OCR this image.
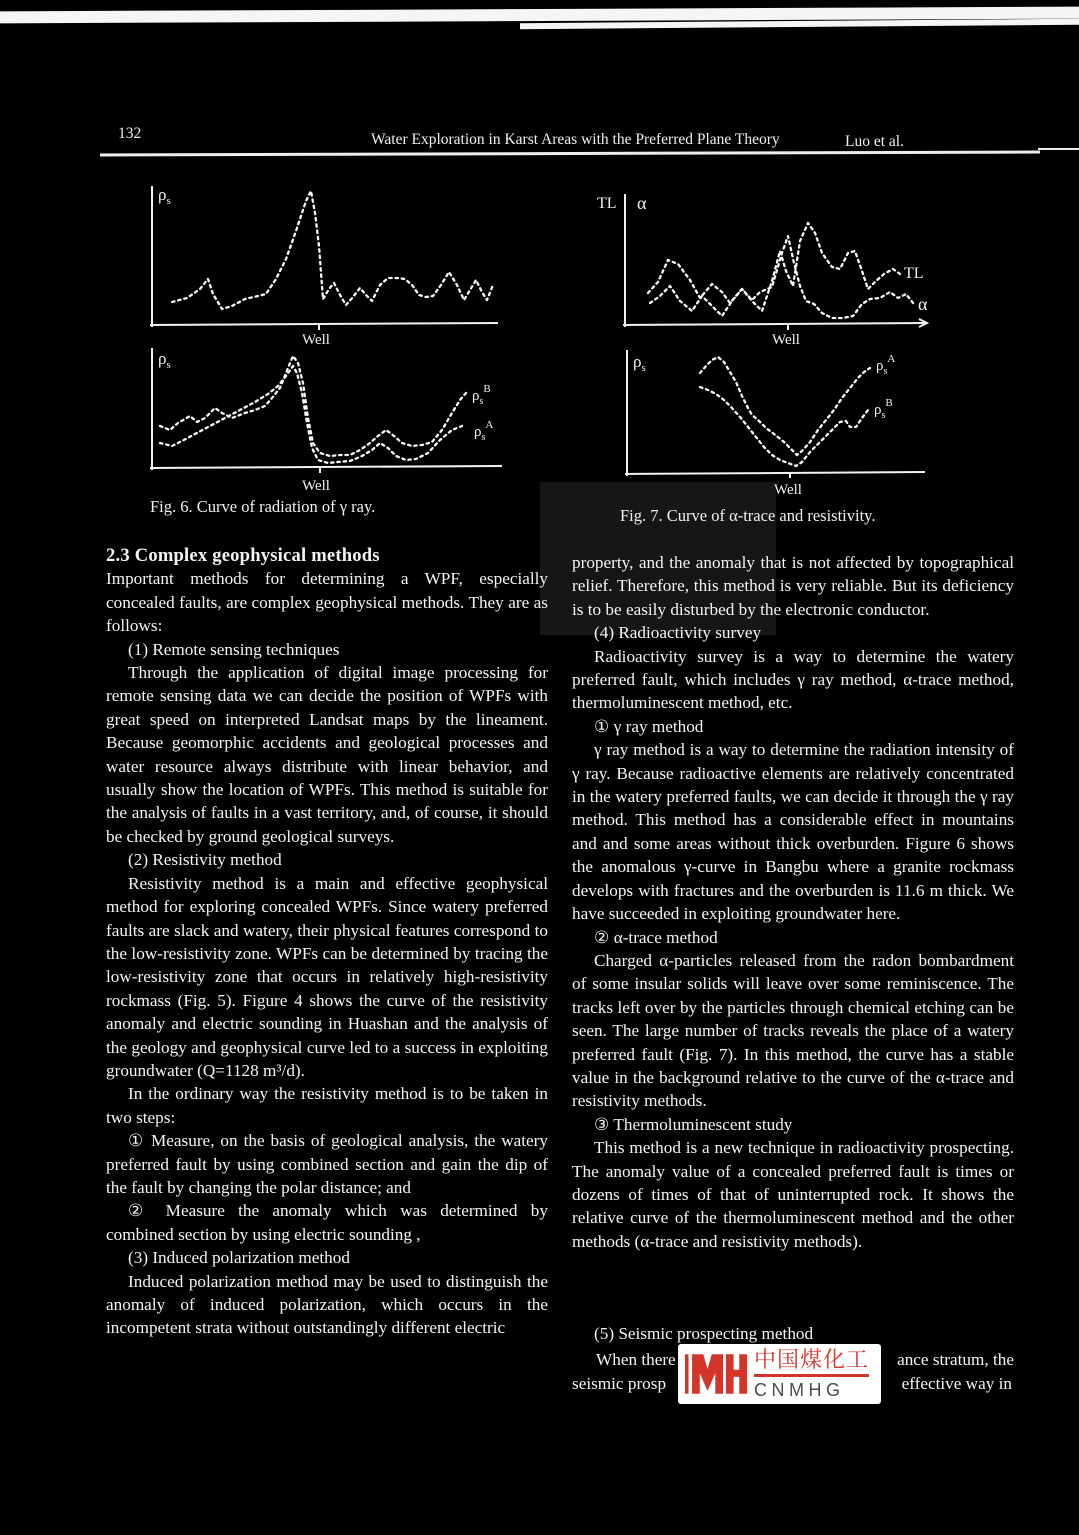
132	Water Exploration in Karst Areas with the Preferred Plane Theory	Luo et al.
$\rho_s$
Well
$\rho_s$
Well
$\rho_s^B$
$\rho_s^A$
TL α
Well
TL
α
$\rho_s$
Well
$\rho_s^A$
$\rho_s^B$
Fig. 6. Curve of radiation of γ ray.	Fig. 7. Curve of α-trace and resistivity.
2.3 Complex geophysical methods

Important methods for determining a WPF, especially concealed faults, are complex geophysical methods. They are as follows:

(1) Remote sensing techniques

Through the application of digital image processing for remote sensing data we can decide the position of WPFs with great speed on interpreted Landsat maps by the lineament. Because geomorphic accidents and geological processes and water resource always distribute with linear behavior, and usually show the location of WPFs. This method is suitable for the analysis of faults in a vast territory, and, of course, it should be checked by ground geological surveys.

(2) Resistivity method

Resistivity method is a main and effective geophysical method for exploring concealed WPFs. Since watery preferred faults are slack and watery, their physical features correspond to the low-resistivity zone. WPFs can be determined by tracing the low-resistivity zone that occurs in relatively high-resistivity rockmass (Fig. 5). Figure 4 shows the curve of the resistivity anomaly and electric sounding in Huashan and the analysis of the geology and geophysical curve led to a success in exploiting groundwater (Q=1128 m³/d).

In the ordinary way the resistivity method is to be taken in two steps:

① Measure, on the basis of geological analysis, the watery preferred fault by using combined section and gain the dip of the fault by changing the polar distance; and

② Measure the anomaly which was determined by combined section by using electric sounding ,

(3) Induced polarization method

Induced polarization method may be used to distinguish the anomaly of induced polarization, which occurs in the incompetent strata without outstandingly different electric

property, and the anomaly that is not affected by topographical relief. Therefore, this method is very reliable. But its deficiency is to be easily disturbed by the electronic conductor.

(4) Radioactivity survey

Radioactivity survey is a way to determine the watery preferred fault, which includes γ ray method, α-trace method, thermoluminescent method, etc.

① γ ray method

γ ray method is a way to determine the radiation intensity of γ ray. Because radioactive elements are relatively concentrated in the watery preferred faults, we can decide it through the γ ray method. This method has a considerable effect in mountains and and some areas without thick overburden. Figure 6 shows the anomalous γ-curve in Bangbu where a granite rockmass develops with fractures and the overburden is 11.6 m thick. We have succeeded in exploiting groundwater here.

② α-trace method

Charged α-particles released from the radon bombardment of some insular solids will leave over some reminiscence. The tracks left over by the particles through chemical etching can be seen. The large number of tracks reveals the place of a watery preferred fault (Fig. 7). In this method, the curve has a stable value in the background relative to the curve of the α-trace and resistivity methods.

③ Thermoluminescent study

This method is a new technique in radioactivity prospecting. The anomaly value of a concealed preferred fault is times or dozens of times of that of uninterrupted rock. It shows the relative curve of the thermoluminescent method and the other methods (α-trace and resistivity methods).

(5) Seismic prospecting method
When there	ance stratum, the
seismic prosp	effective way in
中国煤化工
CNMHG
